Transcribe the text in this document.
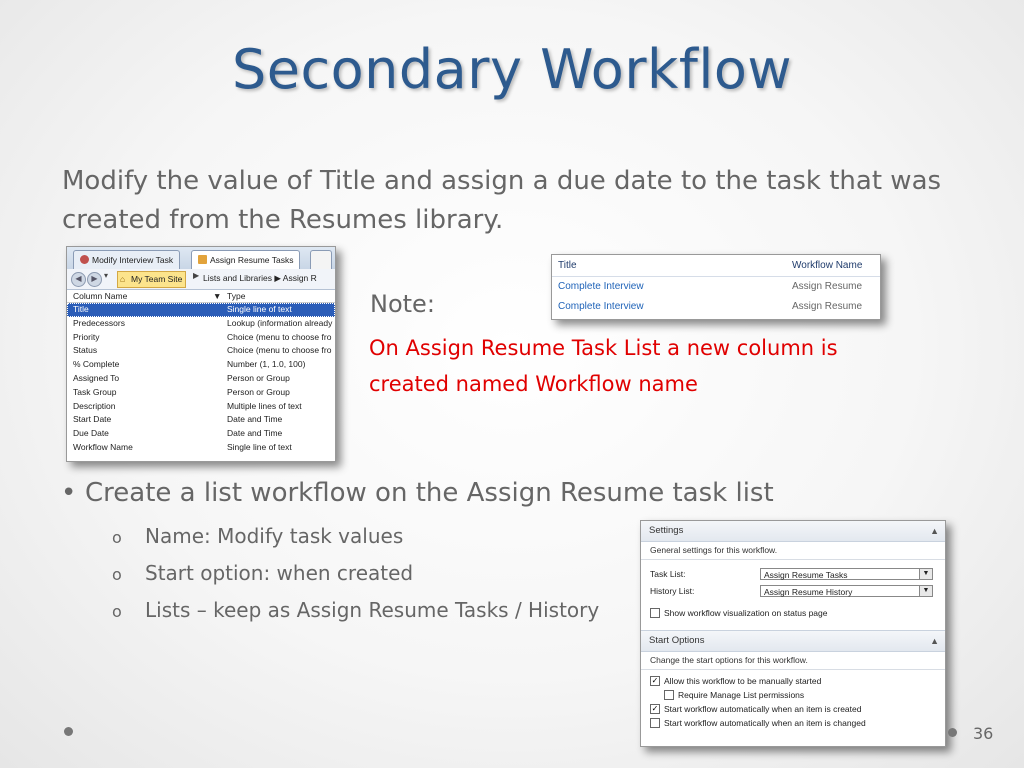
Secondary Workflow
Modify the value of Title and assign a due date to the task that was created from the Resumes library.
Modify Interview Task	Assign Resume Tasks
◀	▶ ▾
⌂	My Team Site	▶ Lists and Libraries ▶ Assign R
Column Name	▼ Type
Title	Single line of text
Predecessors	Lookup (information already
Priority	Choice (menu to choose fro
Status	Choice (menu to choose fro
% Complete	Number (1, 1.0, 100)
Assigned To	Person or Group
Task Group	Person or Group
Description	Multiple lines of text
Start Date	Date and Time
Due Date	Date and Time
Workflow Name	Single line of text
Title	Workflow Name
Complete Interview	Assign Resume
Complete Interview	Assign Resume
Note:
On Assign Resume Task List a new column is created named Workflow name
• Create a list workflow on the Assign Resume task list
o Name: Modify task values
o Start option: when created
o Lists – keep as Assign Resume Tasks / History
Settings	▲
General settings for this workflow.
Task List:	Assign Resume Tasks	▼
History List:	Assign Resume History	▼
Show workflow visualization on status page
Start Options	▲
Change the start options for this workflow.
✓ Allow this workflow to be manually started
Require Manage List permissions
✓ Start workflow automatically when an item is created
Start workflow automatically when an item is changed
36
